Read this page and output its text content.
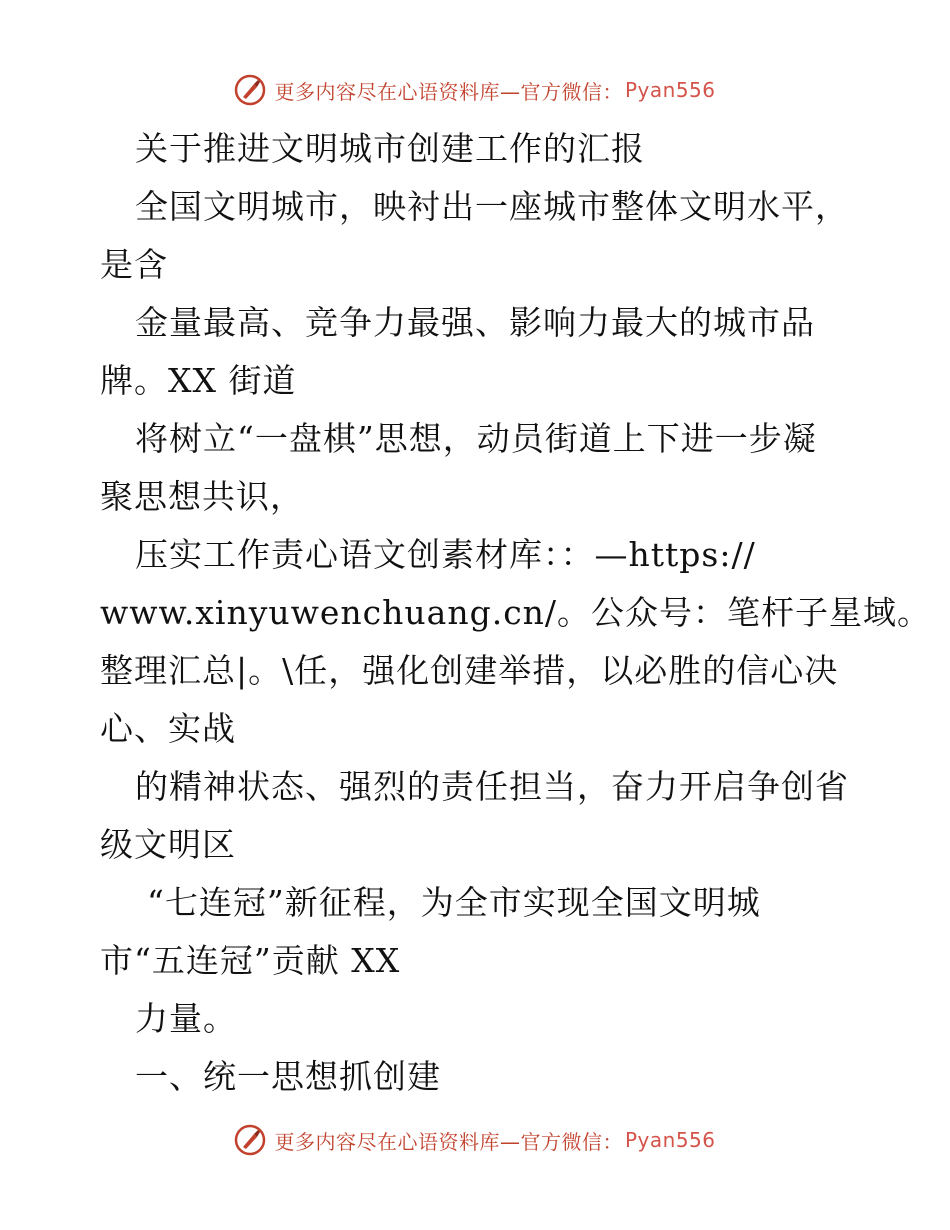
更多内容尽在心语资料库—官方微信： Pyan556
关于推进文明城市创建工作的汇报
全国文明城市，映衬出一座城市整体文明水平，
是含
金量最高、竞争力最强、影响力最大的城市品
牌。XX 街道
将树立“一盘棋”思想，动员街道上下进一步凝
聚思想共识，
压实工作责心语文创素材库：：—https://
www.xinyuwenchuang.cn/。公众号：笔杆子星域。
整理汇总|。\任，强化创建举措，以必胜的信心决
心、实战
的精神状态、强烈的责任担当，奋力开启争创省
级文明区
“七连冠”新征程，为全市实现全国文明城
市“五连冠”贡献 XX
力量。
一、统一思想抓创建
更多内容尽在心语资料库—官方微信： Pyan556
